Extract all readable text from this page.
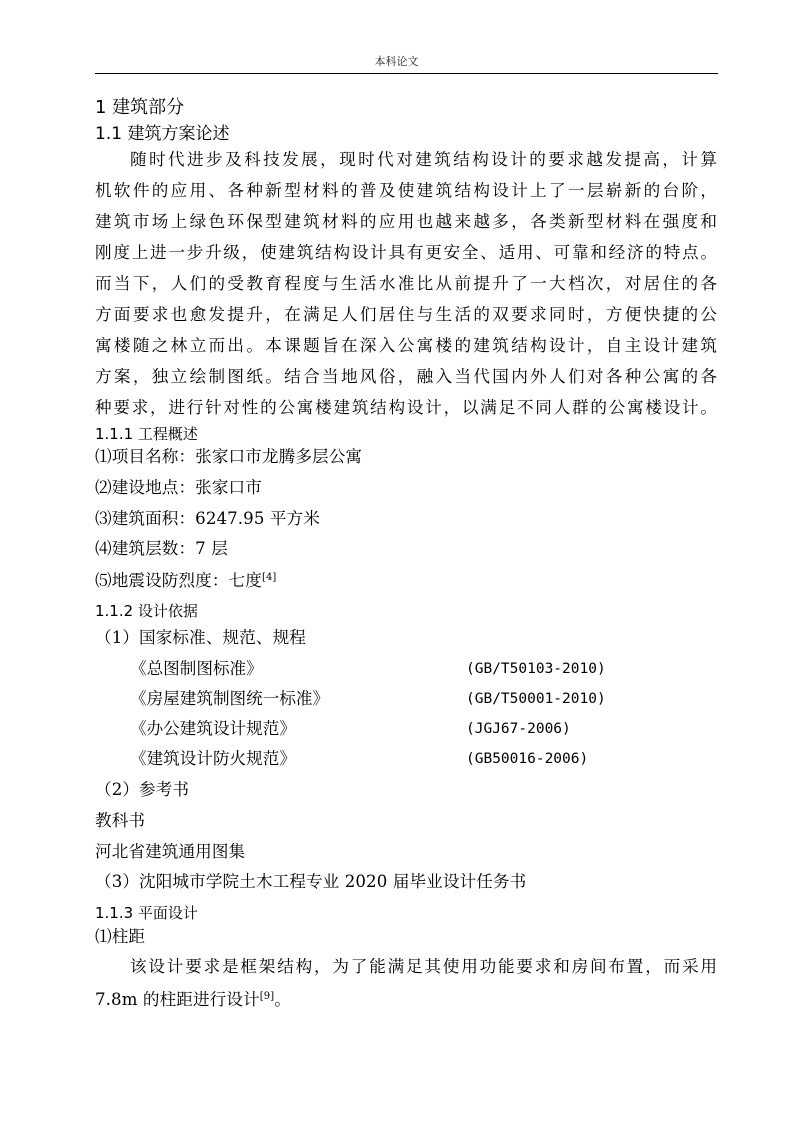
本科论文
1 建筑部分
1.1 建筑方案论述
随时代进步及科技发展，现时代对建筑结构设计的要求越发提高，计算
机软件的应用、各种新型材料的普及使建筑结构设计上了一层崭新的台阶，
建筑市场上绿色环保型建筑材料的应用也越来越多，各类新型材料在强度和
刚度上进一步升级，使建筑结构设计具有更安全、适用、可靠和经济的特点。
而当下，人们的受教育程度与生活水准比从前提升了一大档次，对居住的各
方面要求也愈发提升，在满足人们居住与生活的双要求同时，方便快捷的公
寓楼随之林立而出。本课题旨在深入公寓楼的建筑结构设计，自主设计建筑
方案，独立绘制图纸。结合当地风俗，融入当代国内外人们对各种公寓的各
种要求，进行针对性的公寓楼建筑结构设计，以满足不同人群的公寓楼设计。
1.1.1 工程概述
⑴项目名称：张家口市龙腾多层公寓
⑵建设地点：张家口市
⑶建筑面积：6247.95 平方米
⑷建筑层数：7 层
⑸地震设防烈度：七度[4]
1.1.2 设计依据
（1）国家标准、规范、规程
《总图制图标准》	(GB/T50103-2010)
《房屋建筑制图统一标准》	(GB/T50001-2010)
《办公建筑设计规范》	(JGJ67-2006)
《建筑设计防火规范》	(GB50016-2006)
（2）参考书
教科书
河北省建筑通用图集
（3）沈阳城市学院土木工程专业 2020 届毕业设计任务书
1.1.3 平面设计
⑴柱距
该设计要求是框架结构，为了能满足其使用功能要求和房间布置，而采用
7.8m 的柱距进行设计[9]。
